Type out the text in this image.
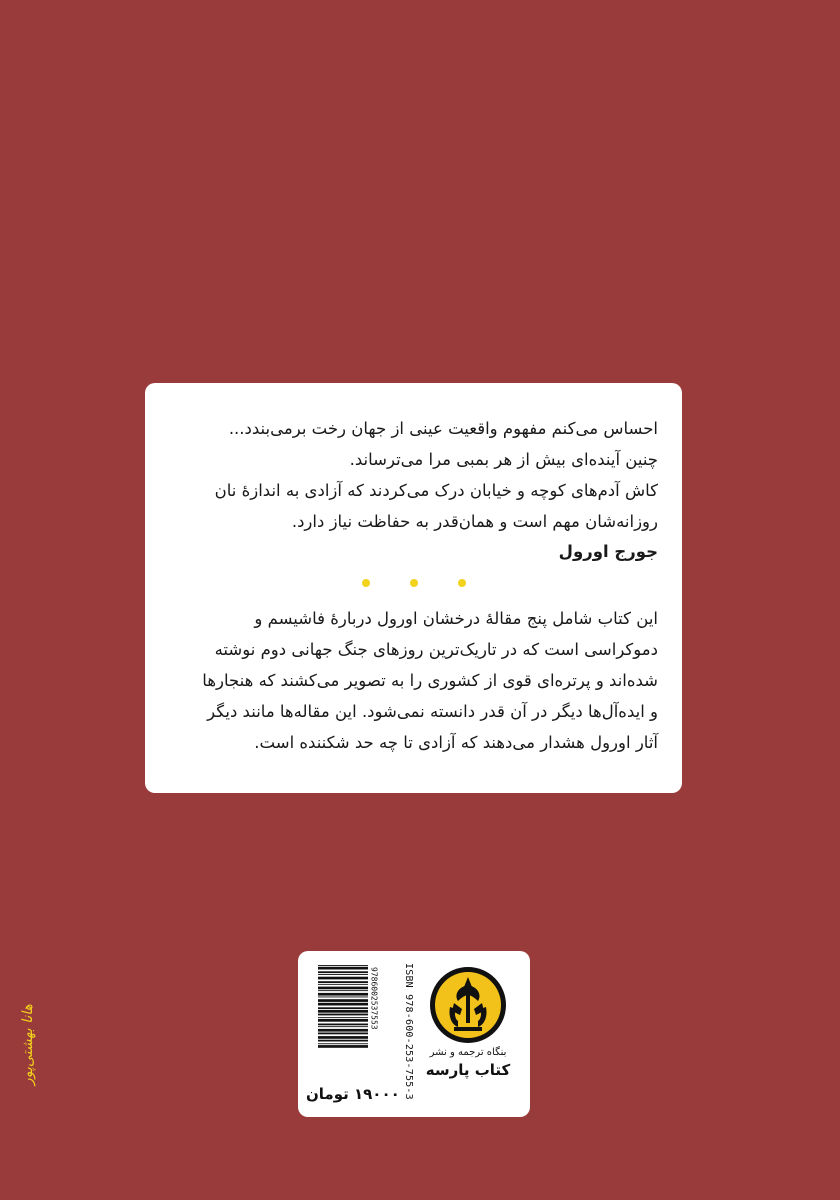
احساس می‌کنم مفهوم واقعیت عینی از جهان رخت برمی‌بندد...
چنین آینده‌ای بیش از هر بمبی مرا می‌ترساند.
کاش آدم‌های کوچه و خیابان درک می‌کردند که آزادی به اندازهٔ نان
روزانه‌شان مهم است و همان‌قدر به حفاظت نیاز دارد.
جورج اورول
این کتاب شامل پنج مقالهٔ درخشان اورول دربارهٔ فاشیسم و
دموکراسی است که در تاریک‌ترین روزهای جنگ جهانی دوم نوشته
شده‌اند و پرتره‌ای قوی از کشوری را به تصویر می‌کشند که هنجارها
و ایده‌آل‌ها دیگر در آن قدر دانسته نمی‌شود. این مقاله‌ها مانند دیگر
آثار اورول هشدار می‌دهند که آزادی تا چه حد شکننده است.
9786002537553	ISBN 978-600-253-755-3	بنگاه ترجمه و نشر
کتاب پارسه
۱۹۰۰۰ تومان
هانا بهشتی‌پور
